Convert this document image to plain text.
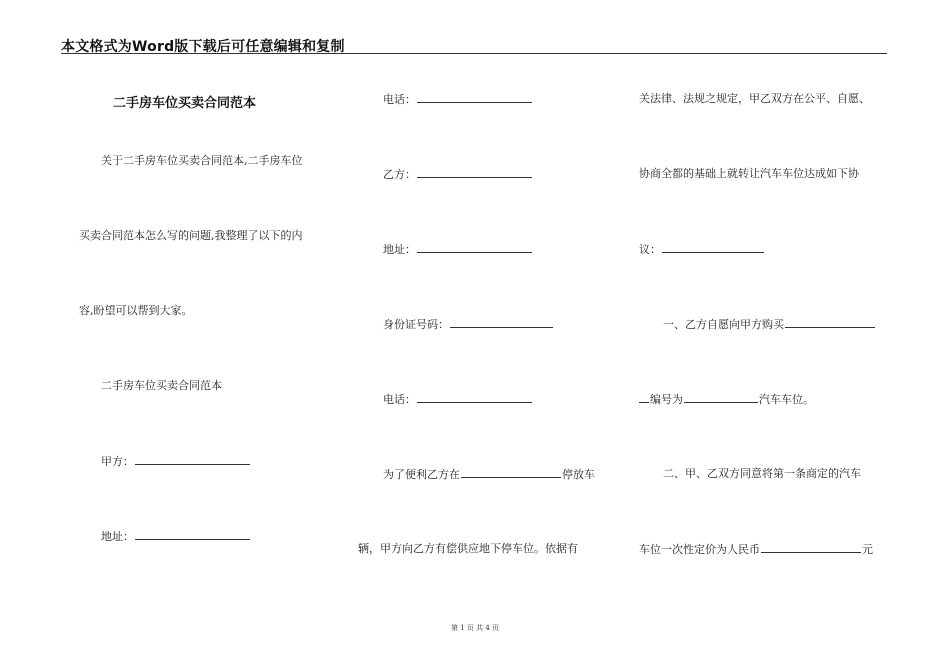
本文格式为Word版下载后可任意编辑和复制
二手房车位买卖合同范本
关于二手房车位买卖合同范本,二手房车位
买卖合同范本怎么写的问题,我整理了以下的内
容,盼望可以帮到大家。
二手房车位买卖合同范本
甲方：
地址：
电话：
乙方：
地址：
身份证号码：
电话：
为了便利乙方在	停放车
辆，甲方向乙方有偿供应地下停车位。依据有
关法律、法规之规定，甲乙双方在公平、自愿、
协商全都的基础上就转让汽车车位达成如下协
议：
一、乙方自愿向甲方购买
编号为	汽车车位。
二、甲、乙双方同意将第一条商定的汽车
车位一次性定价为人民币	元
第 1 页 共 4 页
